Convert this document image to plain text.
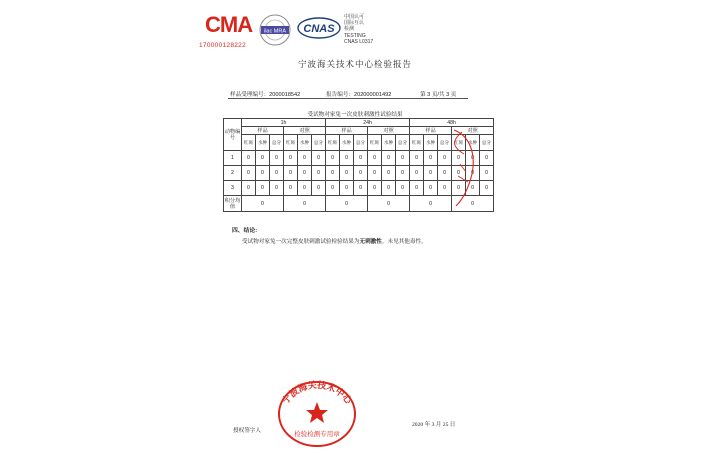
CMA
170000128222
ilac MRA CNAS
中国认可
国际互认
检测
TESTING
CNAS L0317
宁波海关技术中心检验报告
样品受理编号：2000018542	报告编号：202000001492	第 3 页/共 3 页
受试物对家兔一次皮肤刺激性试验结果
动物编号	1h						24h						48h					
	样品			对照			样品			对照			样品			对照		
	红斑	水肿	总分	红斑	水肿	总分	红斑	水肿	总分	红斑	水肿	总分	红斑	水肿	总分	红斑	水肿	总分
1	0	0	0	0	0	0	0	0	0	0	0	0	0	0	0	0	0	0
2	0	0	0	0	0	0	0	0	0	0	0	0	0	0	0	0	0	0
3	0	0	0	0	0	0	0	0	0	0	0	0	0	0	0	0	0	0
积分均值	0			0			0			0			0			0		
四、结论:
受试物对家兔一次完整皮肤刺激试验检验结果为无刺激性。未见其他毒性。
宁波海关技术中心
检验检测专用章
授权签字人
2020 年 3 月 25 日
